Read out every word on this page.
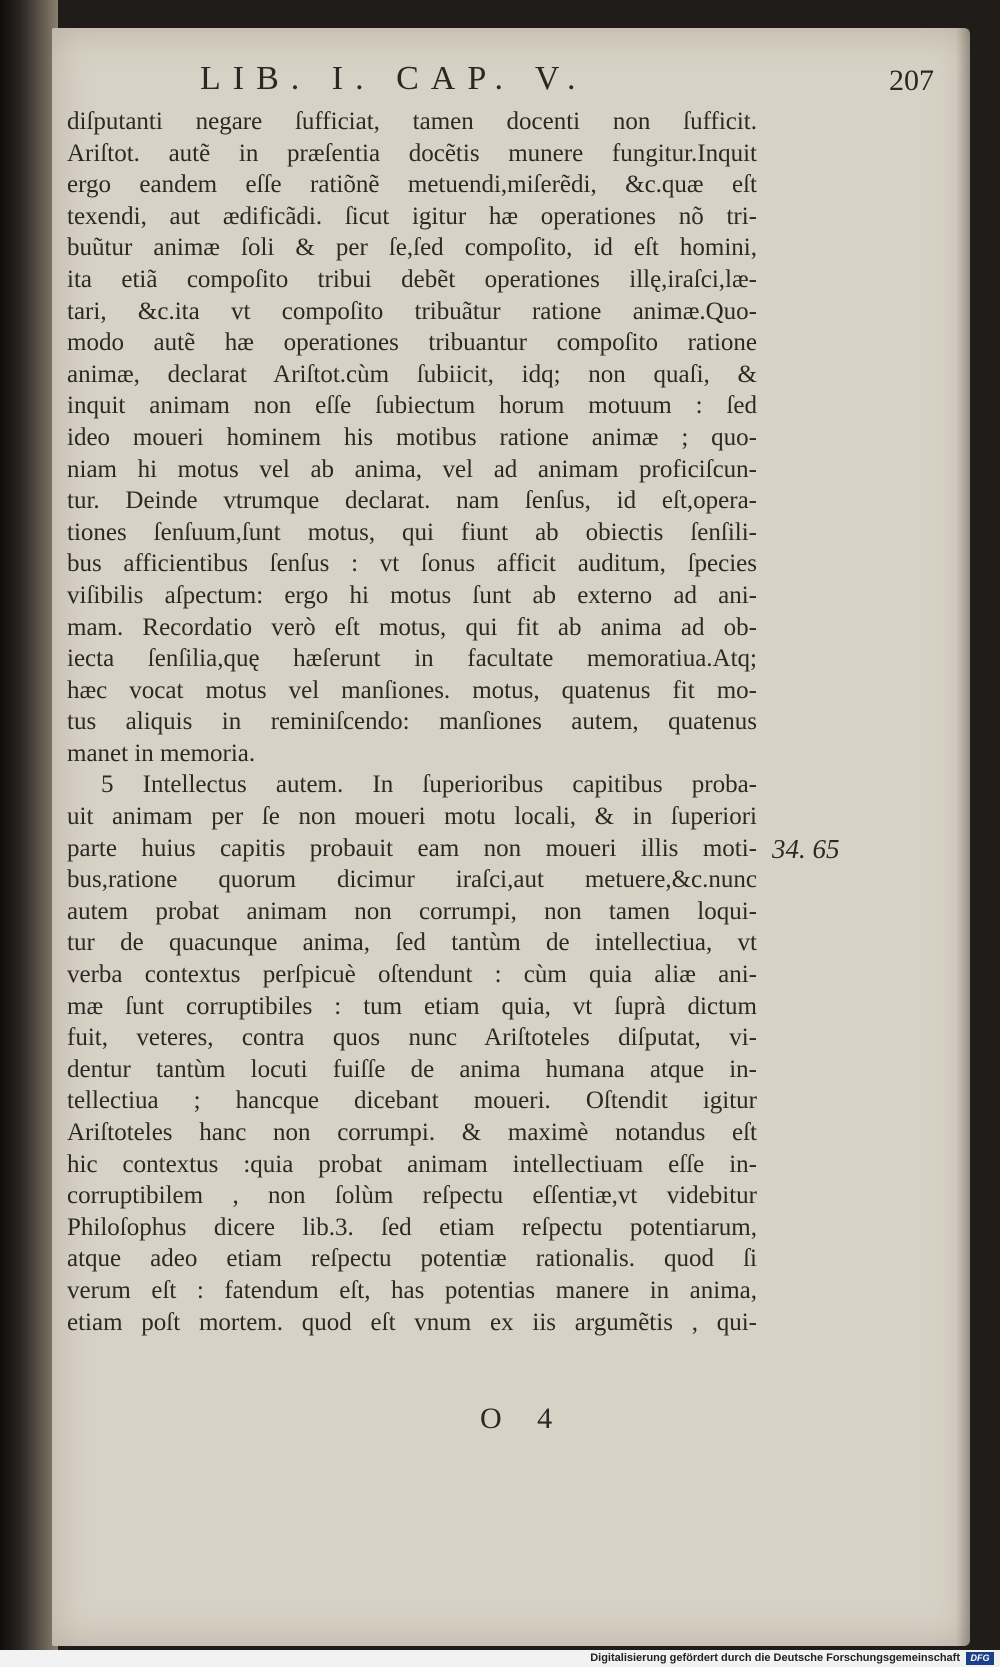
LIB. I. CAP. V.	207
diſputanti negare ſufficiat, tamen docenti non ſufficit.
Ariſtot. autẽ in præſentia docẽtis munere fungitur.Inquit
ergo eandem eſſe ratiõnẽ metuendi,miſerẽdi, &c.quæ eſt
texendi, aut ædificãdi. ſicut igitur hæ operationes nõ tri-
buũtur animæ ſoli & per ſe,ſed compoſito, id eſt homini,
ita etiã compoſito tribui debẽt operationes illę,iraſci,læ-
tari, &c.ita vt compoſito tribuãtur ratione animæ.Quo-
modo autẽ hæ operationes tribuantur compoſito ratione
animæ, declarat Ariſtot.cùm ſubiicit, idq; non quaſi, &
inquit animam non eſſe ſubiectum horum motuum : ſed
ideo moueri hominem his motibus ratione animæ ; quo-
niam hi motus vel ab anima, vel ad animam proficiſcun-
tur. Deinde vtrumque declarat. nam ſenſus, id eſt,opera-
tiones ſenſuum,ſunt motus, qui fiunt ab obiectis ſenſili-
bus afficientibus ſenſus : vt ſonus afficit auditum, ſpecies
viſibilis aſpectum: ergo hi motus ſunt ab externo ad ani-
mam. Recordatio verò eſt motus, qui fit ab anima ad ob-
iecta ſenſilia,quę hæſerunt in facultate memoratiua.Atq;
hæc vocat motus vel manſiones. motus, quatenus fit mo-
tus aliquis in reminiſcendo: manſiones autem, quatenus
manet in memoria.
5 Intellectus autem. In ſuperioribus capitibus proba-
uit animam per ſe non moueri motu locali, & in ſuperiori
parte huius capitis probauit eam non moueri illis moti-
bus,ratione quorum dicimur iraſci,aut metuere,&c.nunc
autem probat animam non corrumpi, non tamen loqui-
tur de quacunque anima, ſed tantùm de intellectiua, vt
verba contextus perſpicuè oſtendunt : cùm quia aliæ ani-
mæ ſunt corruptibiles : tum etiam quia, vt ſuprà dictum
fuit, veteres, contra quos nunc Ariſtoteles diſputat, vi-
dentur tantùm locuti fuiſſe de anima humana atque in-
tellectiua ; hancque dicebant moueri. Oſtendit igitur
Ariſtoteles hanc non corrumpi. & maximè notandus eſt
hic contextus :quia probat animam intellectiuam eſſe in-
corruptibilem , non ſolùm reſpectu eſſentiæ,vt videbitur
Philoſophus dicere lib.3. ſed etiam reſpectu potentiarum,
atque adeo etiam reſpectu potentiæ rationalis. quod ſi
verum eſt : fatendum eſt, has potentias manere in anima,
etiam poſt mortem. quod eſt vnum ex iis argumẽtis , qui-
34. 65
O 4
Digitalisierung gefördert durch die Deutsche Forschungsgemeinschaft	DFG
